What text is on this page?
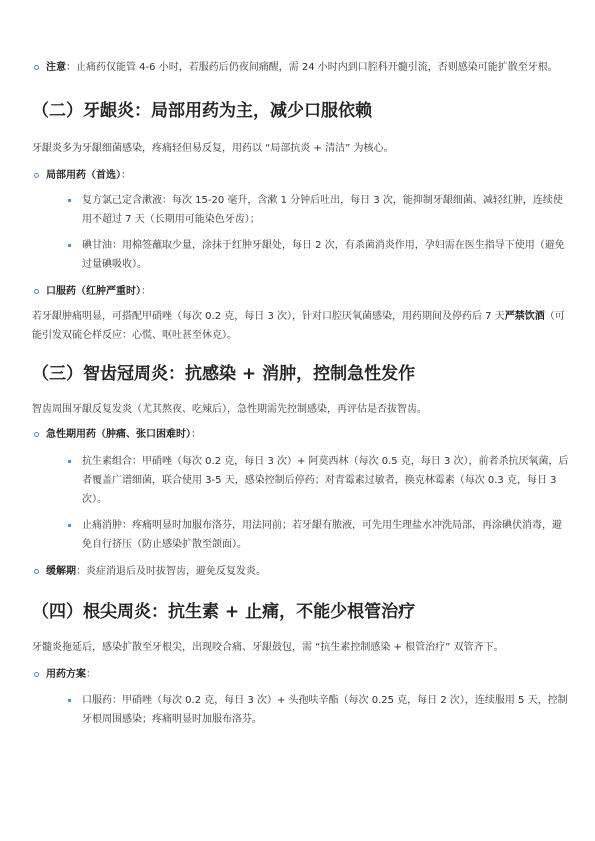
注意：止痛药仅能管 4-6 小时，若服药后仍夜间痛醒，需 24 小时内到口腔科开髓引流，否则感染可能扩散至牙根。
（二）牙龈炎：局部用药为主，减少口服依赖

牙龈炎多为牙龈细菌感染，疼痛轻但易反复，用药以 “局部抗炎 + 清洁” 为核心。

局部用药（首选）：
复方氯己定含漱液：每次 15-20 毫升，含漱 1 分钟后吐出，每日 3 次，能抑制牙龈细菌、减轻红肿，连续使用不超过 7 天（长期用可能染色牙齿）；
碘甘油：用棉签蘸取少量，涂抹于红肿牙龈处，每日 2 次，有杀菌消炎作用，孕妇需在医生指导下使用（避免过量碘吸收）。
口服药（红肿严重时）：

若牙龈肿痛明显，可搭配甲硝唑（每次 0.2 克，每日 3 次），针对口腔厌氧菌感染，用药期间及停药后 7 天严禁饮酒（可能引发双硫仑样反应：心慌、呕吐甚至休克）。

（三）智齿冠周炎：抗感染 + 消肿，控制急性发作

智齿周围牙龈反复发炎（尤其熬夜、吃辣后），急性期需先控制感染，再评估是否拔智齿。

急性期用药（肿痛、张口困难时）：
抗生素组合：甲硝唑（每次 0.2 克，每日 3 次）+ 阿莫西林（每次 0.5 克，每日 3 次），前者杀抗厌氧菌，后者覆盖广谱细菌，联合使用 3-5 天，感染控制后停药；对青霉素过敏者，换克林霉素（每次 0.3 克，每日 3 次）。
止痛消肿：疼痛明显时加服布洛芬，用法同前；若牙龈有脓液，可先用生理盐水冲洗局部，再涂碘伏消毒，避免自行挤压（防止感染扩散至颌面）。
缓解期：炎症消退后及时拔智齿，避免反复发炎。
（四）根尖周炎：抗生素 + 止痛，不能少根管治疗

牙髓炎拖延后，感染扩散至牙根尖，出现咬合痛、牙龈鼓包，需 “抗生素控制感染 + 根管治疗” 双管齐下。

用药方案：
口服药：甲硝唑（每次 0.2 克，每日 3 次）+ 头孢呋辛酯（每次 0.25 克，每日 2 次），连续服用 5 天，控制牙根周围感染；疼痛明显时加服布洛芬。
